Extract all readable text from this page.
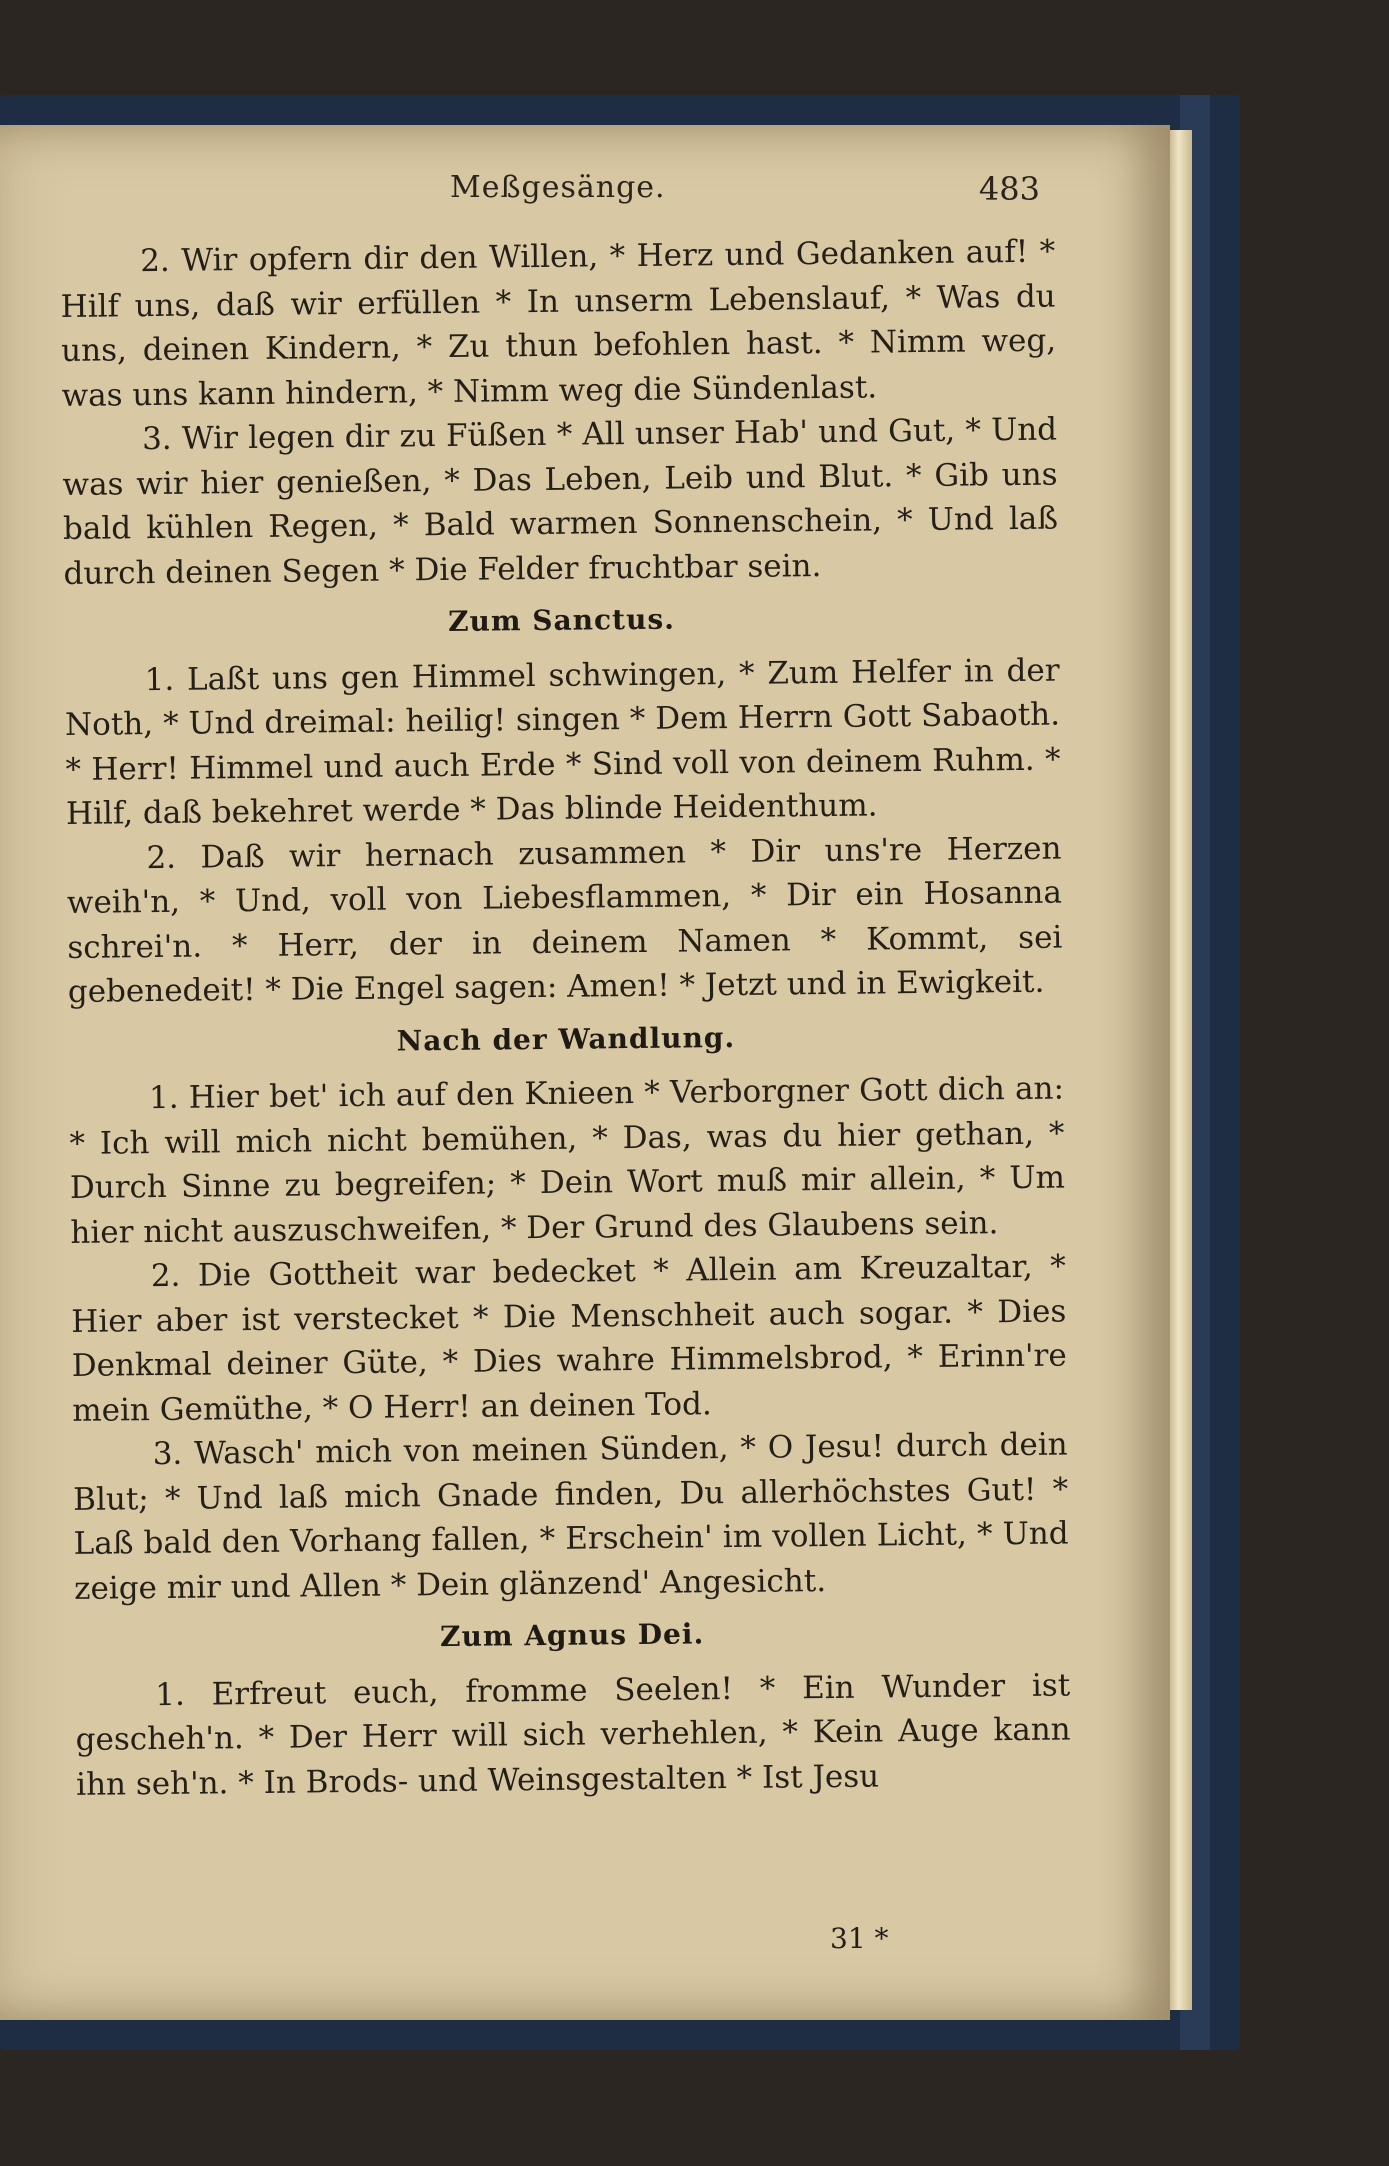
Meßgesänge.	483

2. Wir opfern dir den Willen, * Herz und Gedanken auf! * Hilf uns, daß wir erfüllen * In unserm Lebenslauf, * Was du uns, deinen Kindern, * Zu thun befohlen hast. * Nimm weg, was uns kann hindern, * Nimm weg die Sündenlast.

3. Wir legen dir zu Füßen * All unser Hab' und Gut, * Und was wir hier genießen, * Das Leben, Leib und Blut. * Gib uns bald kühlen Regen, * Bald warmen Sonnenschein, * Und laß durch deinen Segen * Die Felder fruchtbar sein.

Zum Sanctus.

1. Laßt uns gen Himmel schwingen, * Zum Helfer in der Noth, * Und dreimal: heilig! singen * Dem Herrn Gott Sabaoth. * Herr! Himmel und auch Erde * Sind voll von deinem Ruhm. * Hilf, daß bekehret werde * Das blinde Heidenthum.

2. Daß wir hernach zusammen * Dir uns're Herzen weih'n, * Und, voll von Liebesflammen, * Dir ein Hosanna schrei'n. * Herr, der in deinem Namen * Kommt, sei gebenedeit! * Die Engel sagen: Amen! * Jetzt und in Ewigkeit.

Nach der Wandlung.

1. Hier bet' ich auf den Knieen * Verborgner Gott dich an: * Ich will mich nicht bemühen, * Das, was du hier gethan, * Durch Sinne zu begreifen; * Dein Wort muß mir allein, * Um hier nicht auszuschweifen, * Der Grund des Glaubens sein.

2. Die Gottheit war bedecket * Allein am Kreuzaltar, * Hier aber ist verstecket * Die Menschheit auch sogar. * Dies Denkmal deiner Güte, * Dies wahre Himmelsbrod, * Erinn're mein Gemüthe, * O Herr! an deinen Tod.

3. Wasch' mich von meinen Sünden, * O Jesu! durch dein Blut; * Und laß mich Gnade finden, Du allerhöchstes Gut! * Laß bald den Vorhang fallen, * Erschein' im vollen Licht, * Und zeige mir und Allen * Dein glänzend' Angesicht.

Zum Agnus Dei.

1. Erfreut euch, fromme Seelen! * Ein Wunder ist gescheh'n. * Der Herr will sich verhehlen, * Kein Auge kann ihn seh'n. * In Brods- und Weinsgestalten * Ist Jesu

31 *
